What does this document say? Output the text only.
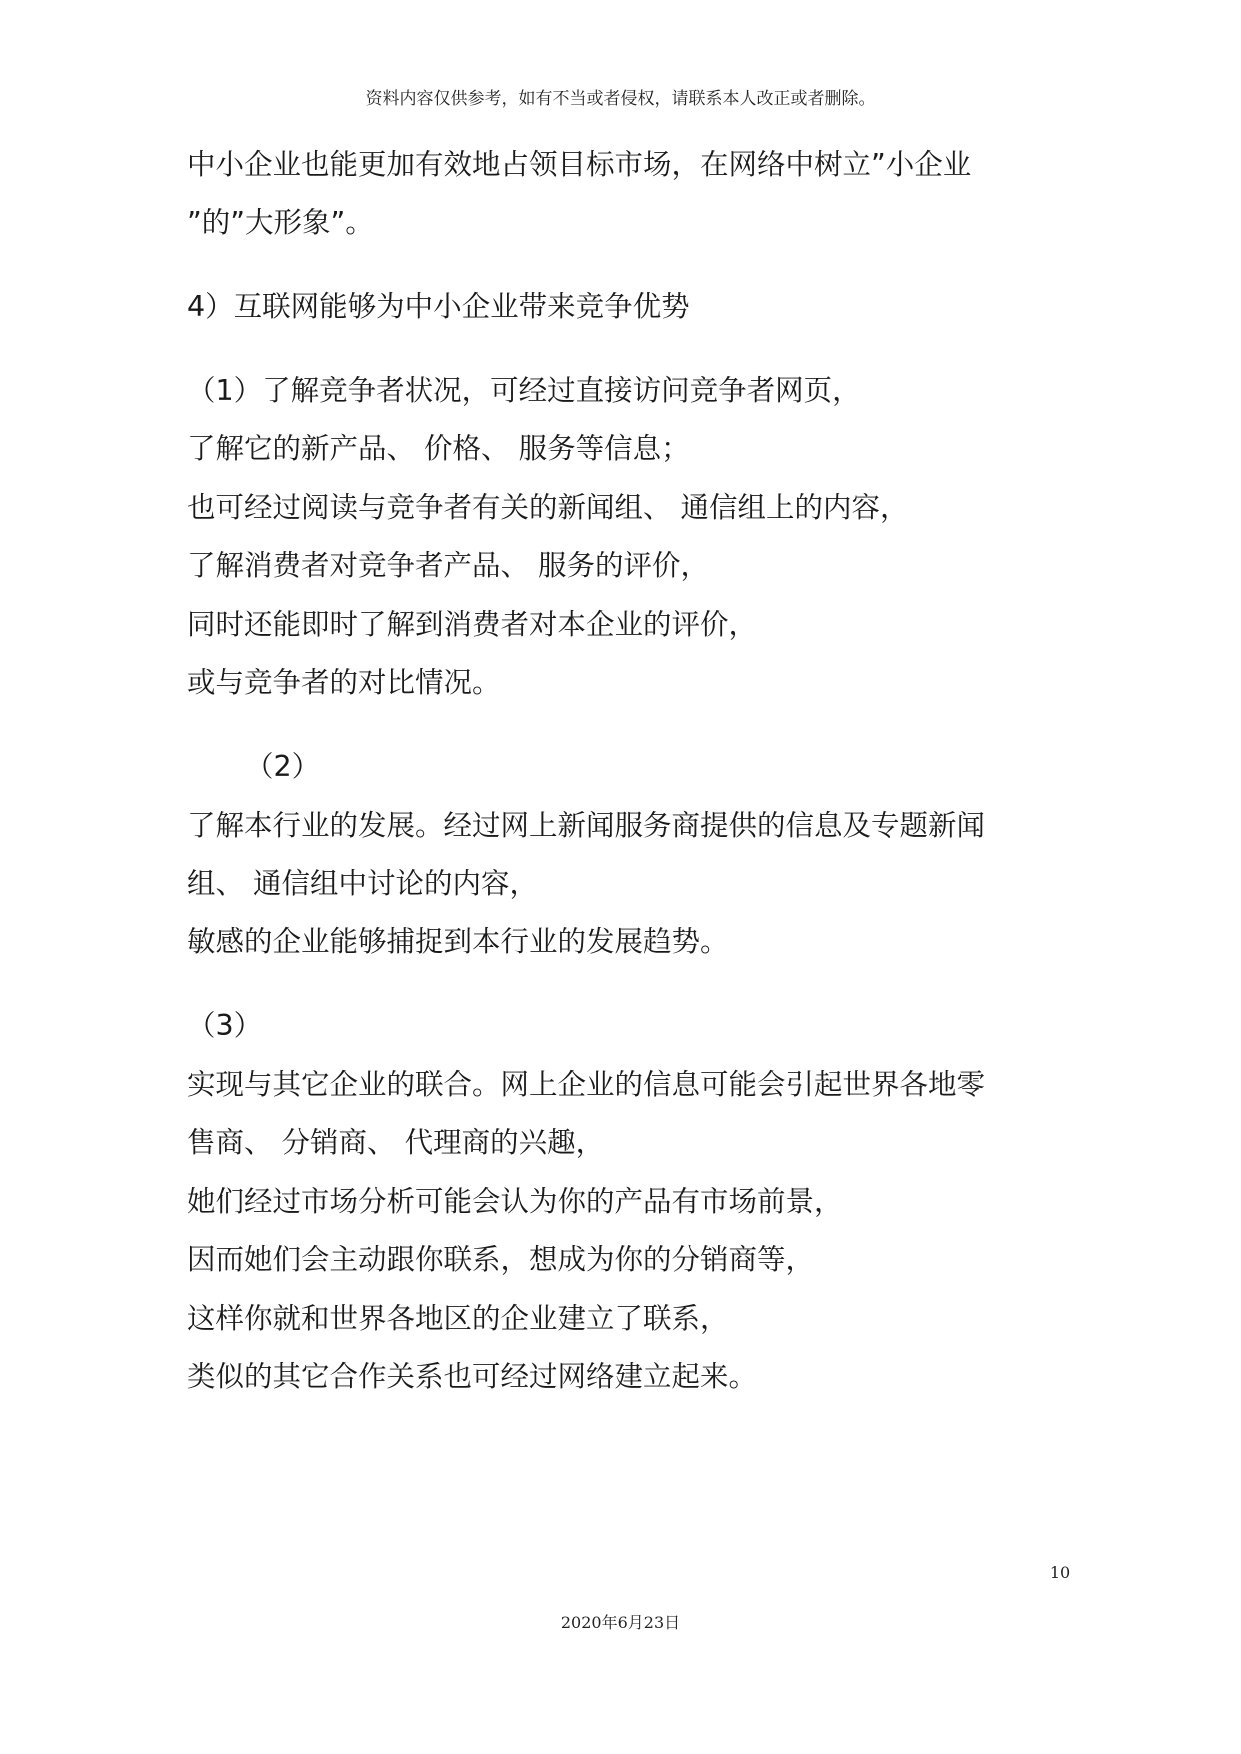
资料内容仅供参考，如有不当或者侵权，请联系本人改正或者删除。
中小企业也能更加有效地占领目标市场，在网络中树立”小企业
”的”大形象”。
4）互联网能够为中小企业带来竞争优势
（1）了解竞争者状况，可经过直接访问竞争者网页，
了解它的新产品、 价格、 服务等信息；
也可经过阅读与竞争者有关的新闻组、 通信组上的内容，
了解消费者对竞争者产品、 服务的评价，
同时还能即时了解到消费者对本企业的评价，
或与竞争者的对比情况。
（2）
了解本行业的发展。经过网上新闻服务商提供的信息及专题新闻
组、 通信组中讨论的内容，
敏感的企业能够捕捉到本行业的发展趋势。
（3）
实现与其它企业的联合。网上企业的信息可能会引起世界各地零
售商、 分销商、 代理商的兴趣，
她们经过市场分析可能会认为你的产品有市场前景，
因而她们会主动跟你联系，想成为你的分销商等，
这样你就和世界各地区的企业建立了联系，
类似的其它合作关系也可经过网络建立起来。
10
2020年6月23日
